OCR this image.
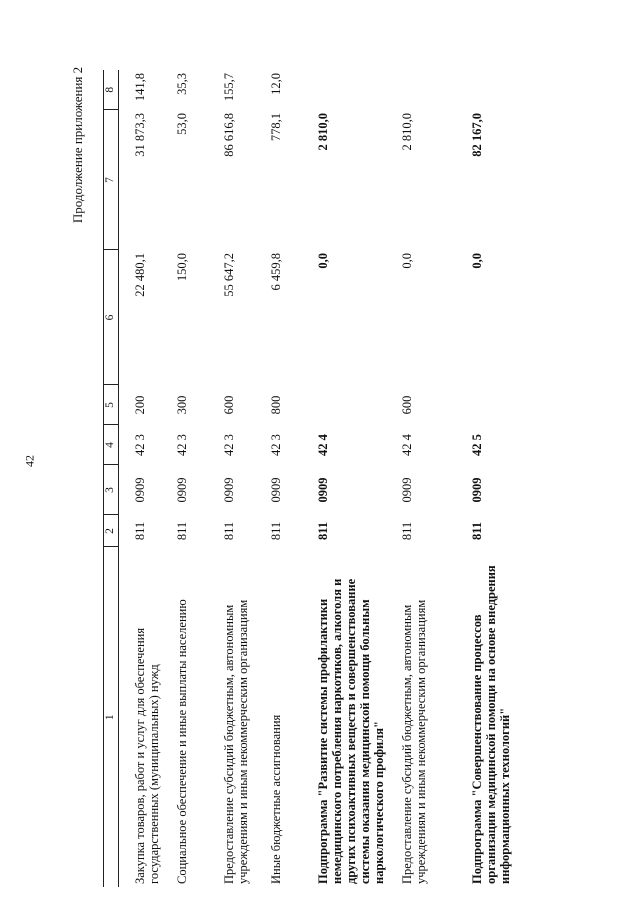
42
Продолжение приложения 2
1	2	3	4	5	6	7	8
Закупка товаров, работ и услуг для обеспечения государственных (муниципальных) нужд	811	0909	42 3	200	22 480,1	31 873,3	141,8
Социальное обеспечение и иные выплаты населению	811	0909	42 3	300	150,0	53,0	35,3
Предоставление субсидий бюджетным, автономным учреждениям и иным некоммерческим организациям	811	0909	42 3	600	55 647,2	86 616,8	155,7
Иные бюджетные ассигнования	811	0909	42 3	800	6 459,8	778,1	12,0
Подпрограмма "Развитие системы профилактики немедицинского потребления наркотиков, алкоголя и других психоактивных веществ и совершенствование системы оказания медицинской помощи больным наркологического профиля"	811	0909	42 4		0,0	2 810,0	
Предоставление субсидий бюджетным, автономным учреждениям и иным некоммерческим организациям	811	0909	42 4	600	0,0	2 810,0	
Подпрограмма "Совершенствование процессов организации медицинской помощи на основе внедрения информационных технологий"	811	0909	42 5		0,0	82 167,0	
